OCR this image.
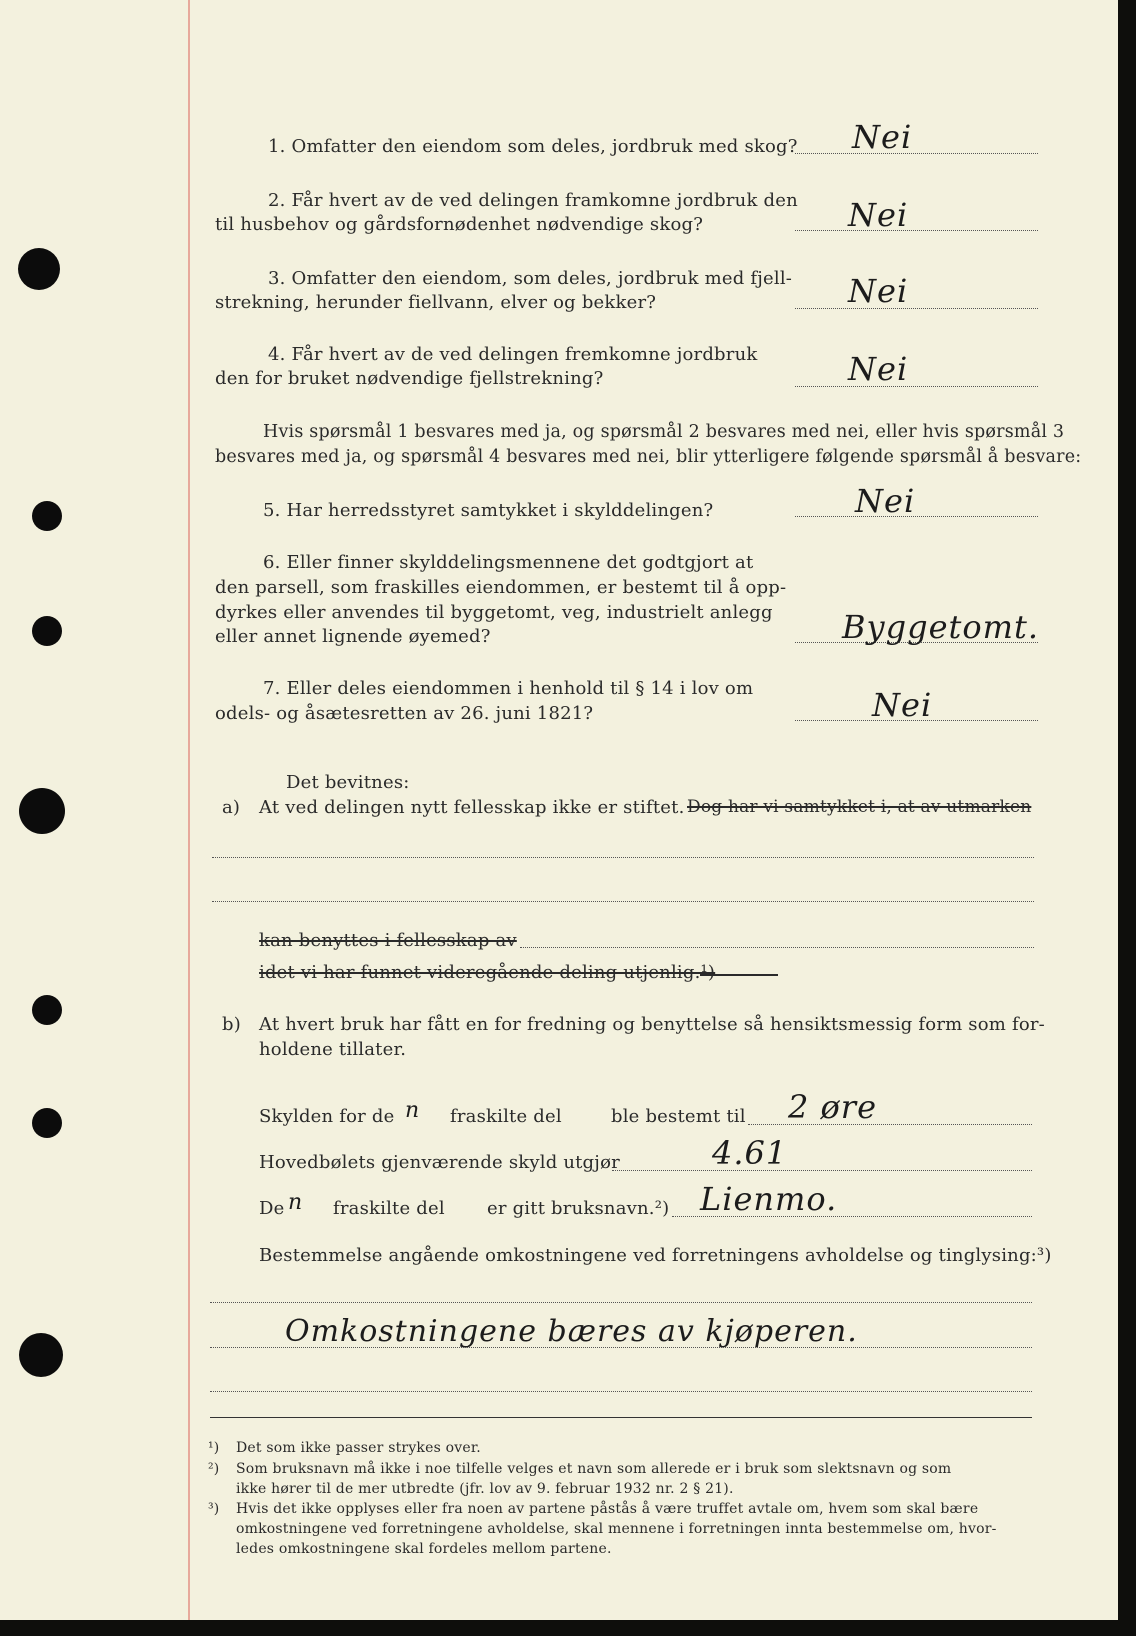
1. Omfatter den eiendom som deles, jordbruk med skog? Nei
2. Får hvert av de ved delingen framkomne jordbruk den
til husbehov og gårdsfornødenhet nødvendige skog?	Nei
3. Omfatter den eiendom, som deles, jordbruk med fjell-
strekning, herunder fiellvann, elver og bekker?	Nei
4. Får hvert av de ved delingen fremkomne jordbruk
den for bruket nødvendige fjellstrekning?	Nei
Hvis spørsmål 1 besvares med ja, og spørsmål 2 besvares med nei, eller hvis spørsmål 3
besvares med ja, og spørsmål 4 besvares med nei, blir ytterligere følgende spørsmål å besvare:
5. Har herredsstyret samtykket i skylddelingen?	Nei
6. Eller finner skylddelingsmennene det godtgjort at
den parsell, som fraskilles eiendommen, er bestemt til å opp-
dyrkes eller anvendes til byggetomt, veg, industrielt anlegg
eller annet lignende øyemed?	Byggetomt.
7. Eller deles eiendommen i henhold til § 14 i lov om
odels- og åsætesretten av 26. juni 1821?	Nei
Det bevitnes:
a) At ved delingen nytt fellesskap ikke er stiftet. Dog har vi samtykket i, at av utmarken
kan benyttes i fellesskap av
idet vi har funnet videregående deling utjenlig.¹)
b) At hvert bruk har fått en for fredning og benyttelse så hensiktsmessig form som for-
holdene tillater.
Skylden for de n fraskilte del	ble bestemt til 2 øre
Hovedbølets gjenværende skyld utgjør	4.61
De n fraskilte del er gitt bruksnavn.²) Lienmo.
Bestemmelse angående omkostningene ved forretningens avholdelse og tinglysing:³)
Omkostningene bæres av kjøperen.
¹) Det som ikke passer strykes over.
²) Som bruksnavn må ikke i noe tilfelle velges et navn som allerede er i bruk som slektsnavn og som
ikke hører til de mer utbredte (jfr. lov av 9. februar 1932 nr. 2 § 21).
³) Hvis det ikke opplyses eller fra noen av partene påstås å være truffet avtale om, hvem som skal bære
omkostningene ved forretningene avholdelse, skal mennene i forretningen innta bestemmelse om, hvor-
ledes omkostningene skal fordeles mellom partene.
